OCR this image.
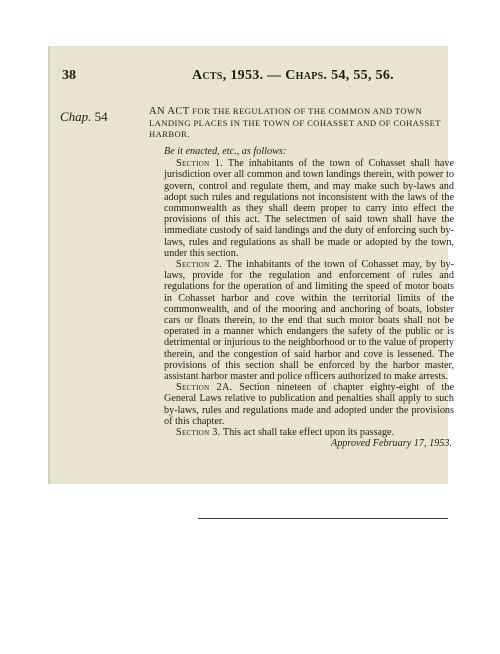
38	Acts, 1953. — Chaps. 54, 55, 56.
Chap. 54	AN ACT FOR THE REGULATION OF THE COMMON AND TOWN LANDING PLACES IN THE TOWN OF COHASSET AND OF COHASSET HARBOR.
Be it enacted, etc., as follows:

Section 1. The inhabitants of the town of Cohasset shall have jurisdiction over all common and town landings therein, with power to govern, control and regulate them, and may make such by-laws and adopt such rules and regulations not inconsistent with the laws of the commonwealth as they shall deem proper to carry into effect the provisions of this act. The selectmen of said town shall have the immediate custody of said landings and the duty of enforcing such by-laws, rules and regulations as shall be made or adopted by the town, under this section.

Section 2. The inhabitants of the town of Cohasset may, by by-laws, provide for the regulation and enforcement of rules and regulations for the operation of and limiting the speed of motor boats in Cohasset harbor and cove within the territorial limits of the commonwealth, and of the mooring and anchoring of boats, lobster cars or floats therein, to the end that such motor boats shall not be operated in a manner which endangers the safety of the public or is detrimental or injurious to the neighborhood or to the value of property therein, and the congestion of said harbor and cove is lessened. The provisions of this section shall be enforced by the harbor master, assistant harbor master and police officers authorized to make arrests.

Section 2A. Section nineteen of chapter eighty-eight of the General Laws relative to publication and penalties shall apply to such by-laws, rules and regulations made and adopted under the provisions of this chapter.

Section 3. This act shall take effect upon its passage.

Approved February 17, 1953.
